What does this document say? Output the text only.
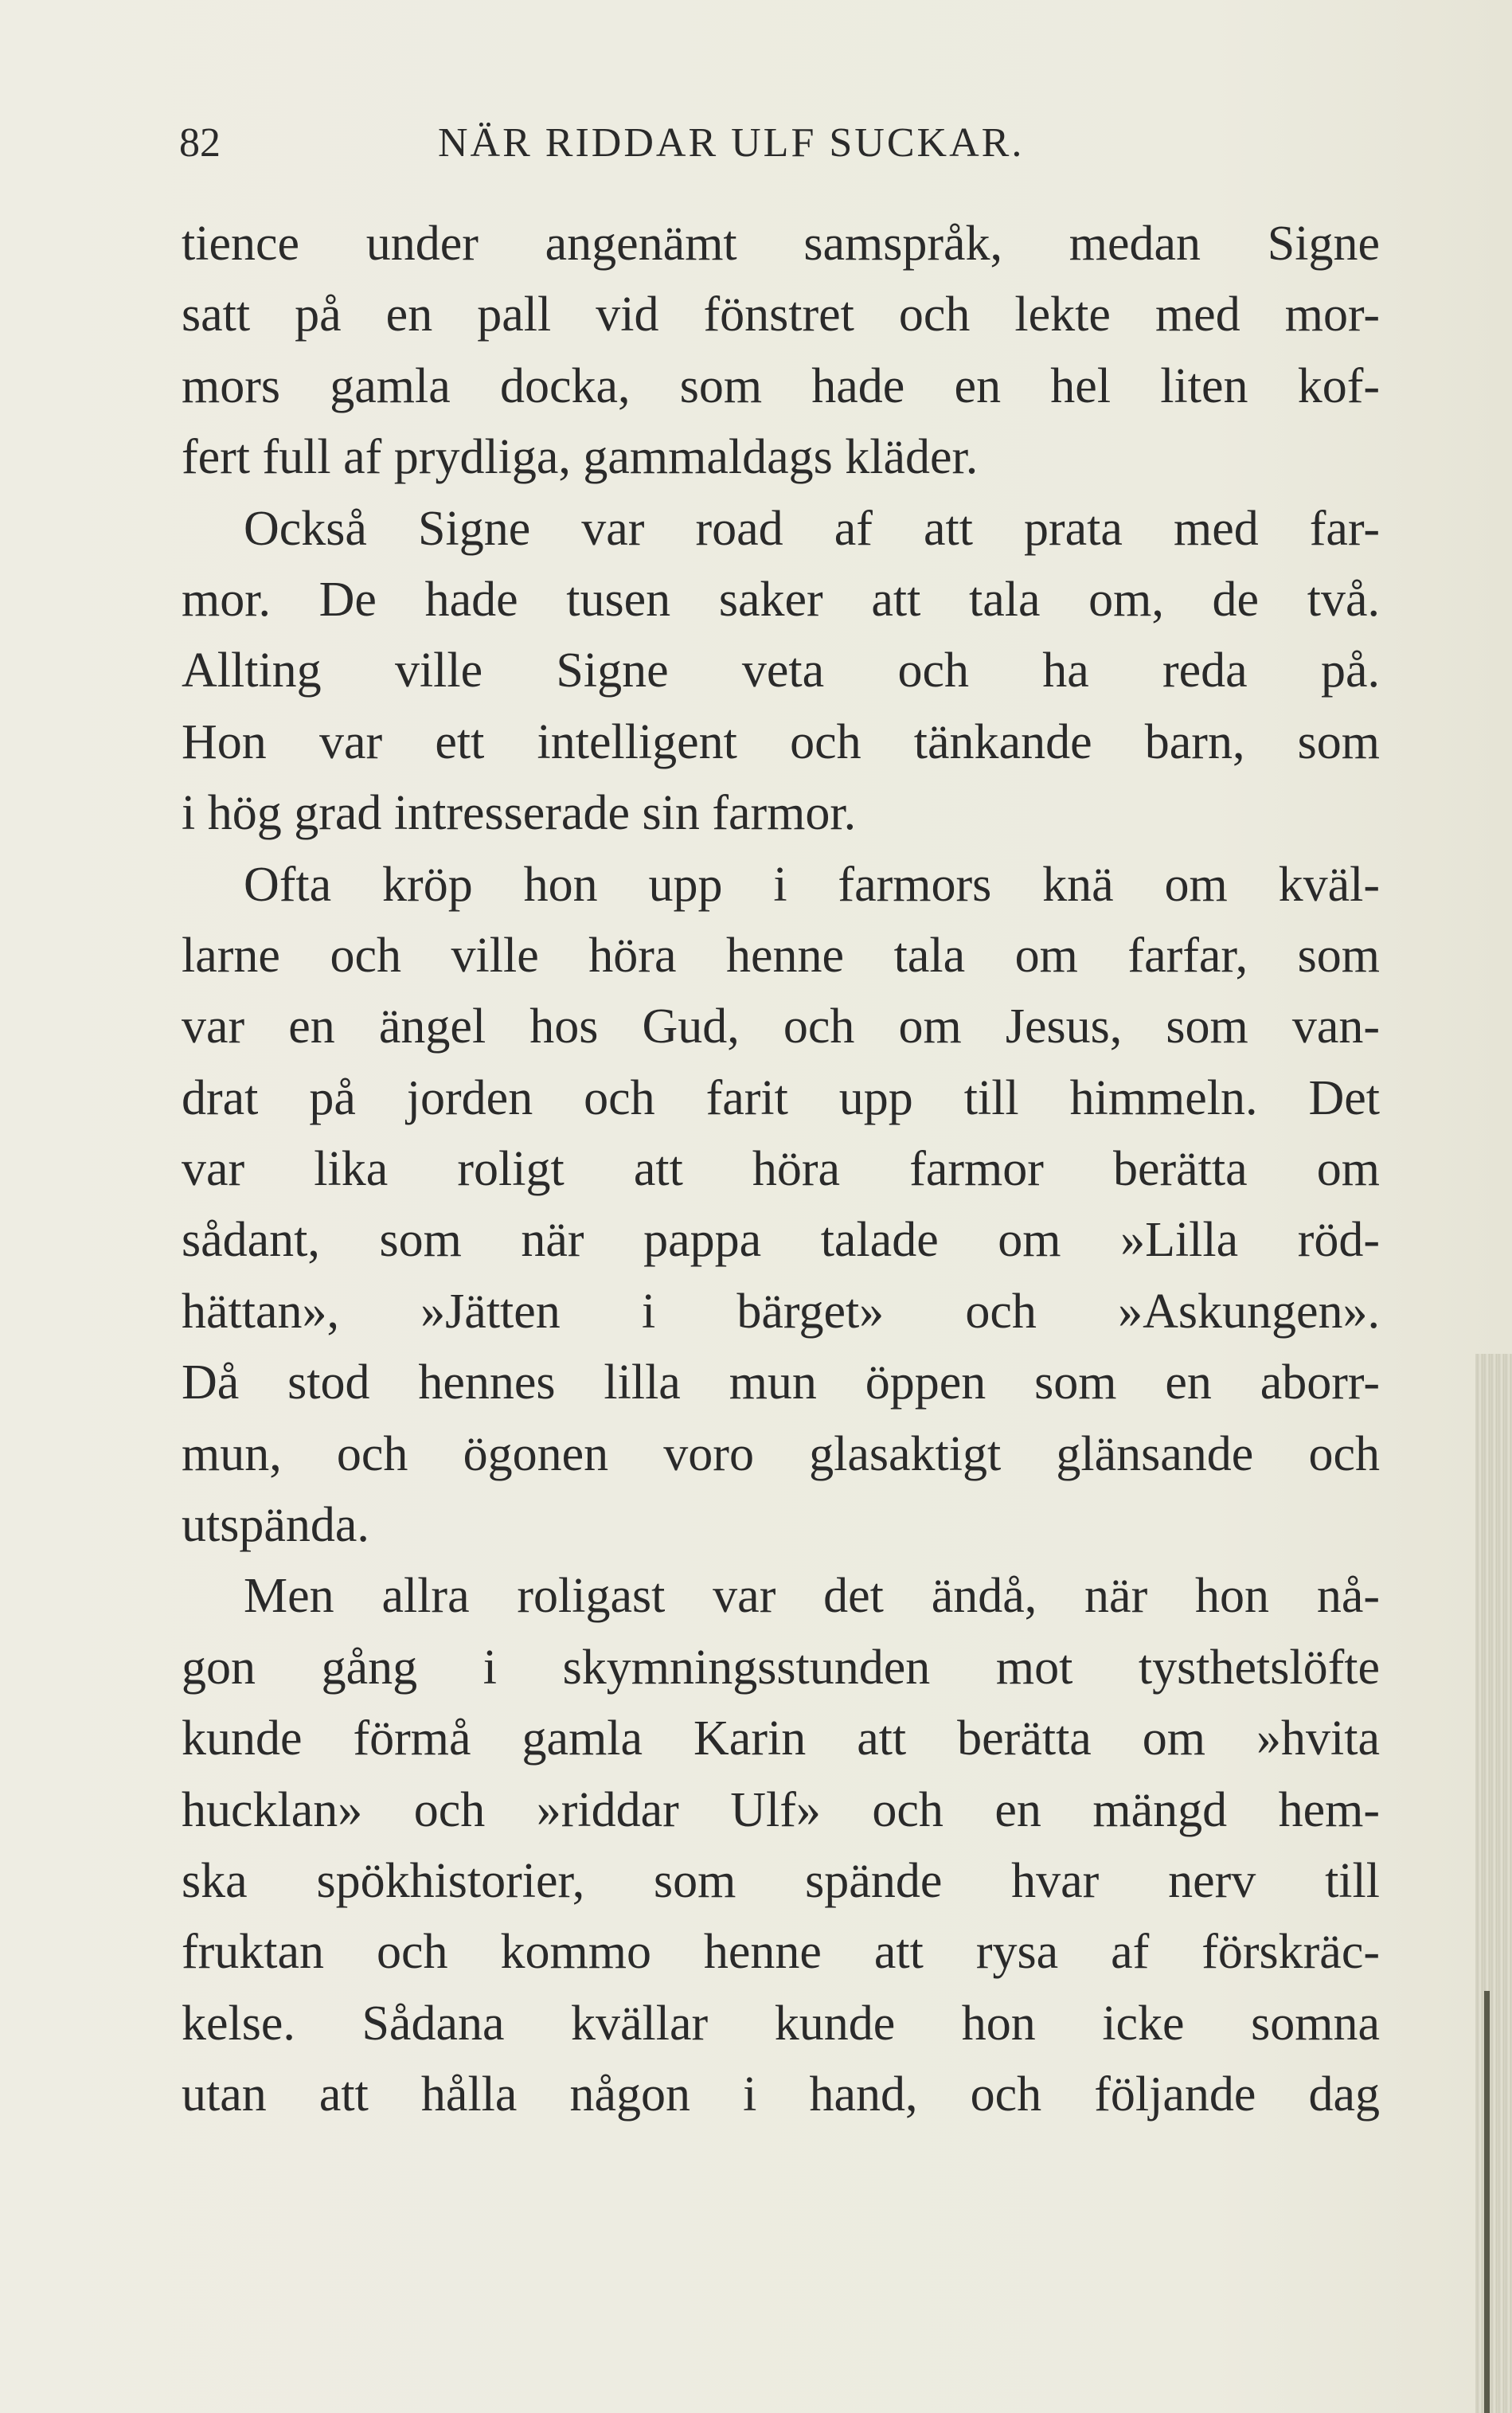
82	NÄR RIDDAR ULF SUCKAR.
tience under angenämt samspråk, medan Signe
satt på en pall vid fönstret och lekte med mor-
mors gamla docka, som hade en hel liten kof-
fert full af prydliga, gammaldags kläder.
Också Signe var road af att prata med far-
mor. De hade tusen saker att tala om, de två.
Allting ville Signe veta och ha reda på.
Hon var ett intelligent och tänkande barn, som
i hög grad intresserade sin farmor.
Ofta kröp hon upp i farmors knä om kväl-
larne och ville höra henne tala om farfar, som
var en ängel hos Gud, och om Jesus, som van-
drat på jorden och farit upp till himmeln. Det
var lika roligt att höra farmor berätta om
sådant, som när pappa talade om »Lilla röd-
hättan», »Jätten i bärget» och »Askungen».
Då stod hennes lilla mun öppen som en aborr-
mun, och ögonen voro glasaktigt glänsande och
utspända.
Men allra roligast var det ändå, när hon nå-
gon gång i skymningsstunden mot tysthetslöfte
kunde förmå gamla Karin att berätta om »hvita
hucklan» och »riddar Ulf» och en mängd hem-
ska spökhistorier, som spände hvar nerv till
fruktan och kommo henne att rysa af förskräc-
kelse. Sådana kvällar kunde hon icke somna
utan att hålla någon i hand, och följande dag
